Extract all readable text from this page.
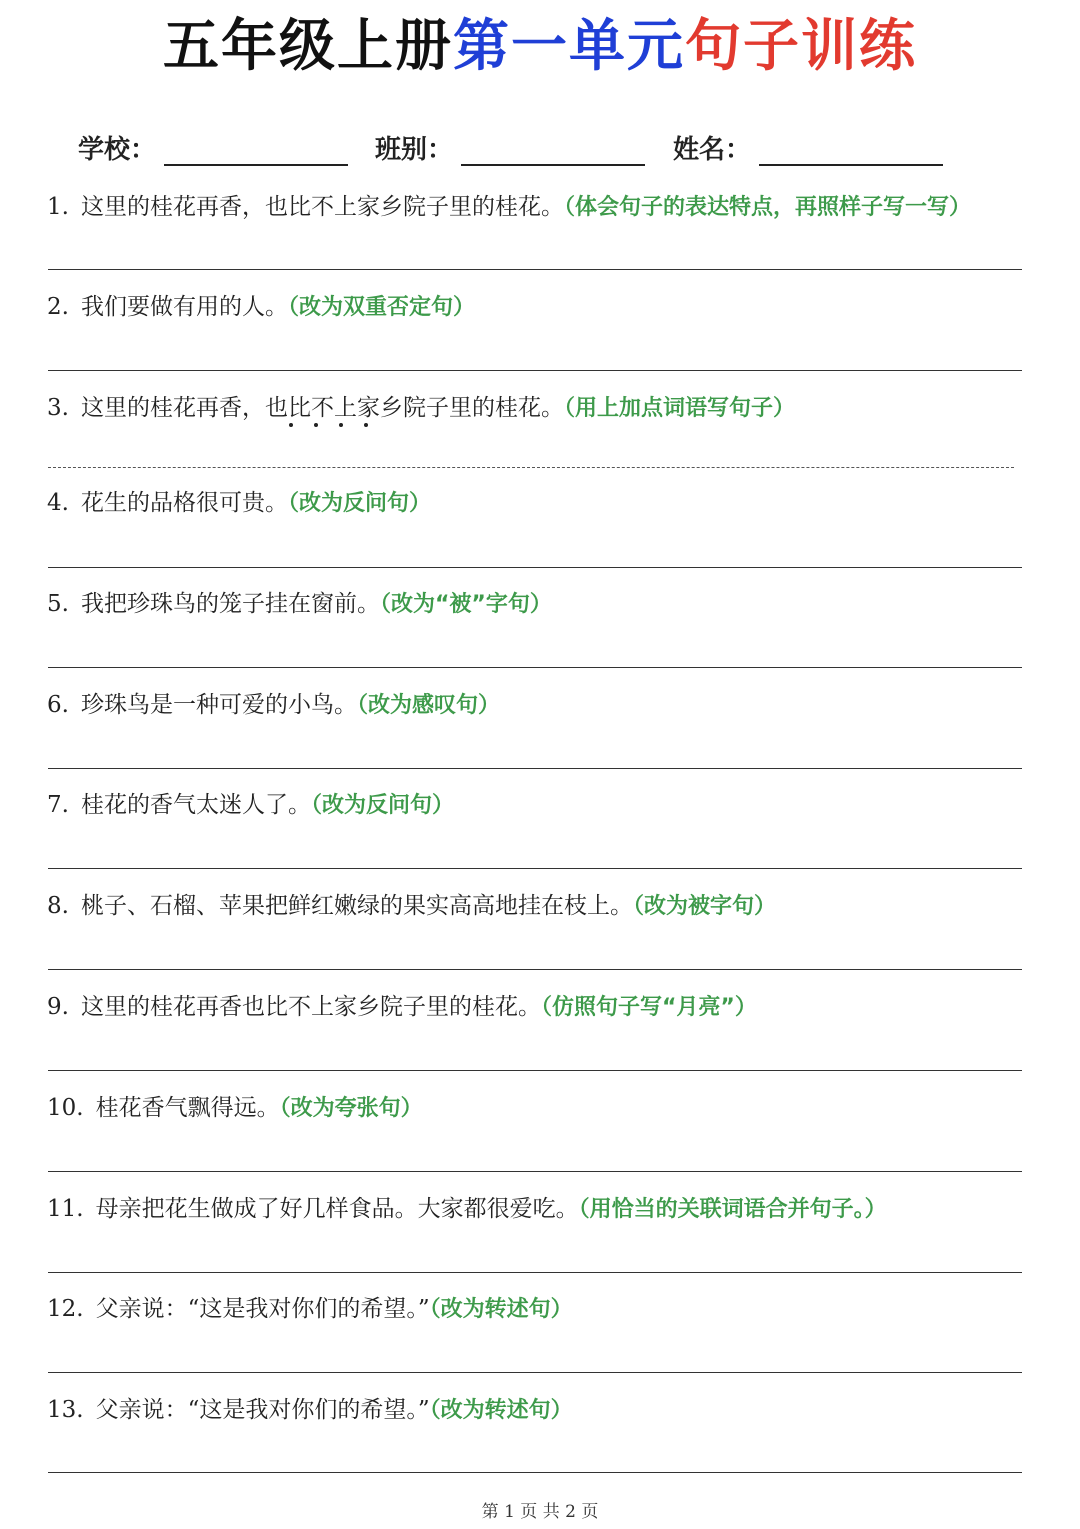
五年级上册第一单元句子训练
学校：	班别：	姓名：
1. 这里的桂花再香，也比不上家乡院子里的桂花。（体会句子的表达特点，再照样子写一写）
2. 我们要做有用的人。（改为双重否定句）
3. 这里的桂花再香，也比不上家乡院子里的桂花。（用上加点词语写句子）
4. 花生的品格很可贵。（改为反问句）
5. 我把珍珠鸟的笼子挂在窗前。（改为“被”字句）
6. 珍珠鸟是一种可爱的小鸟。（改为感叹句）
7. 桂花的香气太迷人了。（改为反问句）
8. 桃子、石榴、苹果把鲜红嫩绿的果实高高地挂在枝上。（改为被字句）
9. 这里的桂花再香也比不上家乡院子里的桂花。（仿照句子写“月亮”）
10. 桂花香气飘得远。（改为夸张句）
11. 母亲把花生做成了好几样食品。大家都很爱吃。（用恰当的关联词语合并句子。）
12. 父亲说：“这是我对你们的希望。”（改为转述句）
13. 父亲说：“这是我对你们的希望。”（改为转述句）
第 1 页 共 2 页
